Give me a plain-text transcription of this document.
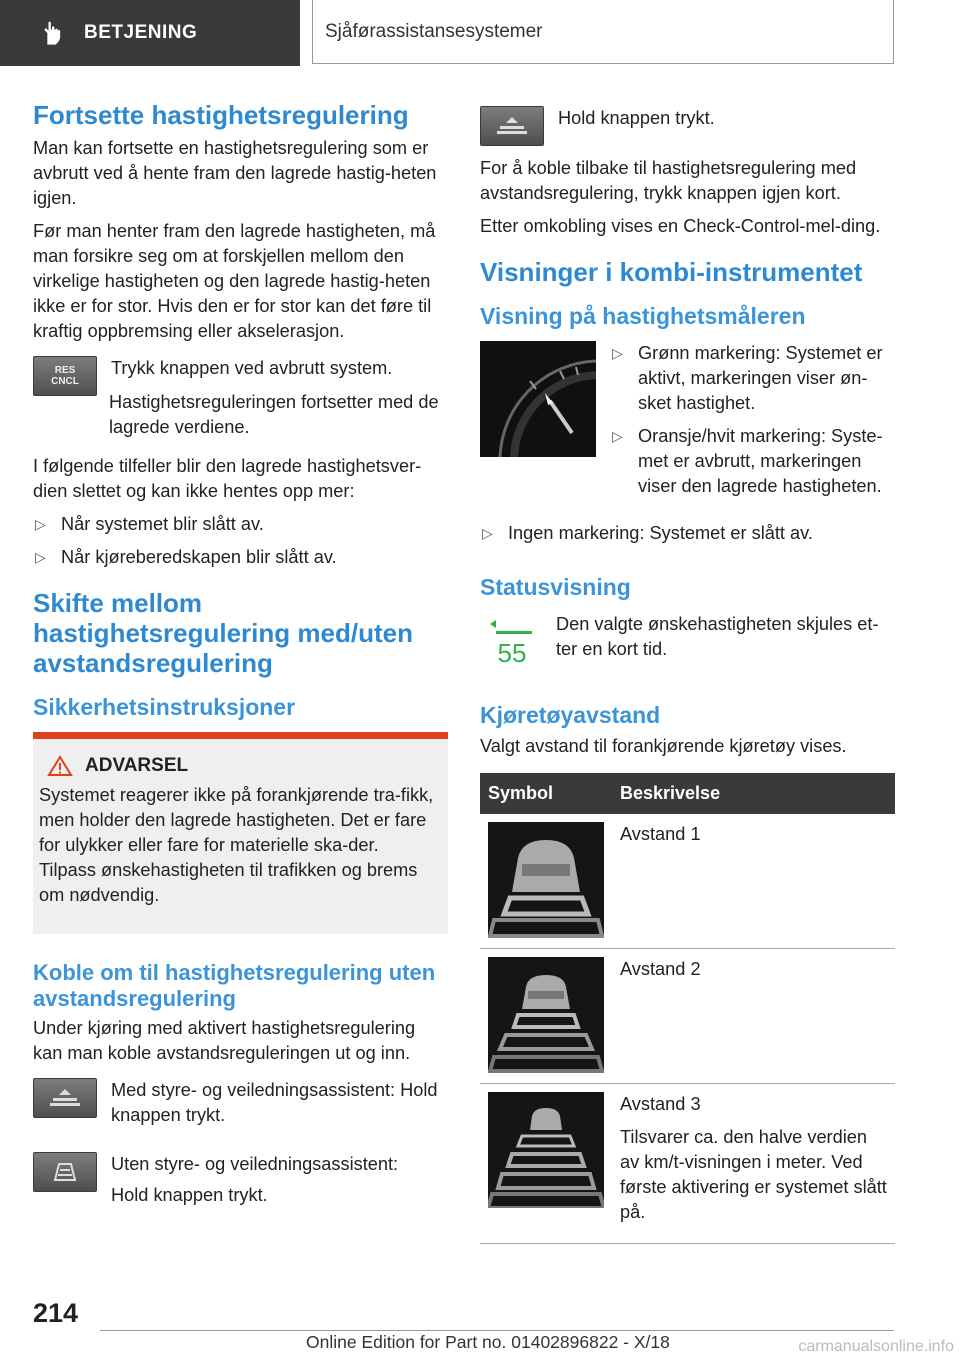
BETJENING	Sjåførassistansesystemer
Fortsette hastighetsregulering

Man kan fortsette en hastighetsregulering som er avbrutt ved å hente fram den lagrede hastig-heten igjen.

Før man henter fram den lagrede hastigheten, må man forsikre seg om at forskjellen mellom den virkelige hastigheten og den lagrede hastig-heten ikke er for stor. Hvis den er for stor kan det føre til kraftig oppbremsing eller akselerasjon.

RES
CNCL

Trykk knappen ved avbrutt system.

Hastighetsreguleringen fortsetter med de lagrede verdiene.

I følgende tilfeller blir den lagrede hastighetsver-dien slettet og kan ikke hentes opp mer:

▷ Når systemet blir slått av.
▷ Når kjøreberedskapen blir slått av.
Skifte mellom hastighetsregulering med/uten avstandsregulering
Sikkerhetsinstruksjoner
ADVARSEL

Systemet reagerer ikke på forankjørende tra-fikk, men holder den lagrede hastigheten. Det er fare for ulykker eller fare for materielle ska-der. Tilpass ønskehastigheten til trafikken og brems om nødvendig.

Koble om til hastighetsregulering uten avstandsregulering

Under kjøring med aktivert hastighetsregulering kan man koble avstandsreguleringen ut og inn.

Med styre- og veiledningsassistent: Hold knappen trykt.

Uten styre- og veiledningsassistent:

Hold knappen trykt.

Hold knappen trykt.

For å koble tilbake til hastighetsregulering med avstandsregulering, trykk knappen igjen kort.

Etter omkobling vises en Check-Control-mel-ding.

Visninger i kombi-instrumentet
Visning på hastighetsmåleren
▷ Grønn markering: Systemet er aktivt, markeringen viser øn-sket hastighet.
▷ Oransje/hvit markering: Syste-met er avbrutt, markeringen viser den lagrede hastigheten.
▷ Ingen markering: Systemet er slått av.
Statusvisning
55

Den valgte ønskehastigheten skjules et-ter en kort tid.

Kjøretøyavstand

Valgt avstand til forankjørende kjøretøy vises.

Symbol	Beskrivelse

Avstand 1

Avstand 2

Avstand 3

Tilsvarer ca. den halve verdien av km/t-visningen i meter. Ved første aktivering er systemet slått på.

214
Online Edition for Part no. 01402896822 - X/18	carmanualsonline.info
